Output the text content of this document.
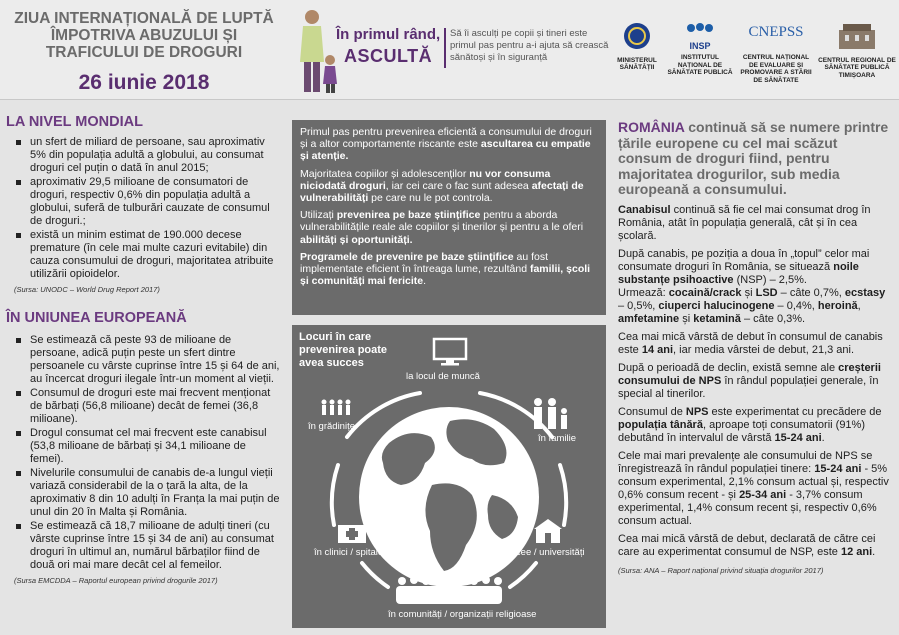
ZIUA INTERNAȚIONALĂ DE LUPTĂ ÎMPOTRIVA ABUZULUI ȘI TRAFICULUI DE DROGURI
26 iunie 2018
În primul rând,
ASCULTĂ
Să îi asculți pe copii și tineri este primul pas pentru a-i ajuta să crească sănătoși și în siguranță	MINISTERUL SĂNĂTĂȚII
INSP
INSTITUTUL NAȚIONAL DE SĂNĂTATE PUBLICĂ
CNEPSS
CENTRUL NAȚIONAL DE EVALUARE ȘI PROMOVARE A STĂRII DE SĂNĂTATE
CENTRUL REGIONAL DE SĂNĂTATE PUBLICĂ TIMIȘOARA
LA NIVEL MONDIAL
un sfert de miliard de persoane, sau aproximativ 5% din populația adultă a globului, au consumat droguri cel puțin o dată în anul 2015;
aproximativ 29,5 milioane de consumatori de droguri, respectiv 0,6% din populația adultă a globului, suferă de tulburări cauzate de consumul de droguri.;
există un minim estimat de 190.000 decese premature (în cele mai multe cazuri evitabile) din cauza consumului de droguri, majoritatea atribuite utilizării opioidelor.
(Sursa: UNODC – World Drug Report 2017)
ÎN UNIUNEA EUROPEANĂ
Se estimează că peste 93 de milioane de persoane, adică puțin peste un sfert dintre persoanele cu vârste cuprinse între 15 și 64 de ani, au încercat droguri ilegale într-un moment al vieții.
Consumul de droguri este mai frecvent menționat de bărbați (56,8 milioane) decât de femei (36,8 milioane).
Drogul consumat cel mai frecvent este canabisul (53,8 milioane de bărbați și 34,1 milioane de femei).
Nivelurile consumului de canabis de-a lungul vieții variază considerabil de la o țară la alta, de la aproximativ 8 din 10 adulți în Franța la mai puțin de unul din 20 în Malta și România.
Se estimează că 18,7 milioane de adulți tineri (cu vârste cuprinse între 15 și 34 de ani) au consumat droguri în ultimul an, numărul bărbaților fiind de două ori mai mare decât cel al femeilor.
(Sursa EMCDDA – Raportul european privind drogurile 2017)

Primul pas pentru prevenirea eficientă a consumului de droguri și a altor comportamente riscante este ascultarea cu empatie și atenție.

Majoritatea copiilor și adolescenților nu vor consuma niciodată droguri, iar cei care o fac sunt adesea afectați de vulnerabilități pe care nu le pot controla.

Utilizați prevenirea pe baze științifice pentru a aborda vulnerabilitățile reale ale copiilor și tinerilor și pentru a le oferi abilități și oportunități.

Programele de prevenire pe baze științifice au fost implementate eficient în întreaga lume, rezultând familii, școli și comunități mai fericite.

Locuri în care
prevenirea poate
avea succes
la locul de muncă
în grădinițe
în familie
în clinici / spitale	în școli și licee / universități
în comunități / organizații religioase
ROMÂNIA continuă să se numere printre țările europene cu cel mai scăzut consum de droguri fiind, pentru majoritatea drogurilor, sub media europeană a consumului.

Canabisul continuă să fie cel mai consumat drog în România, atât în populația generală, cât și în cea școlară.

După canabis, pe poziția a doua în „topul” celor mai consumate droguri în România, se situează noile substanțe psihoactive (NSP) – 2,5%.
Urmează: cocaină/crack și LSD – câte 0,7%, ecstasy – 0,5%, ciuperci halucinogene – 0,4%, heroină, amfetamine și ketamină – câte 0,3%.

Cea mai mică vârstă de debut în consumul de canabis este 14 ani, iar media vârstei de debut, 21,3 ani.

După o perioadă de declin, există semne ale creșterii consumului de NPS în rândul populației generale, în special al tinerilor.

Consumul de NPS este experimentat cu precădere de populația tânără, aproape toți consumatorii (91%) debutând în intervalul de vârstă 15-24 ani.

Cele mai mari prevalențe ale consumului de NPS se înregistrează în rândul populației tinere: 15-24 ani - 5% consum experimental, 2,1% consum actual și, respectiv 0,6% consum recent - și 25-34 ani - 3,7% consum experimental, 1,4% consum recent și, respectiv 0,6% consum actual.

Cea mai mică vârstă de debut, declarată de către cei care au experimentat consumul de NSP, este 12 ani.

(Sursa: ANA – Raport național privind situația drogurilor 2017)
